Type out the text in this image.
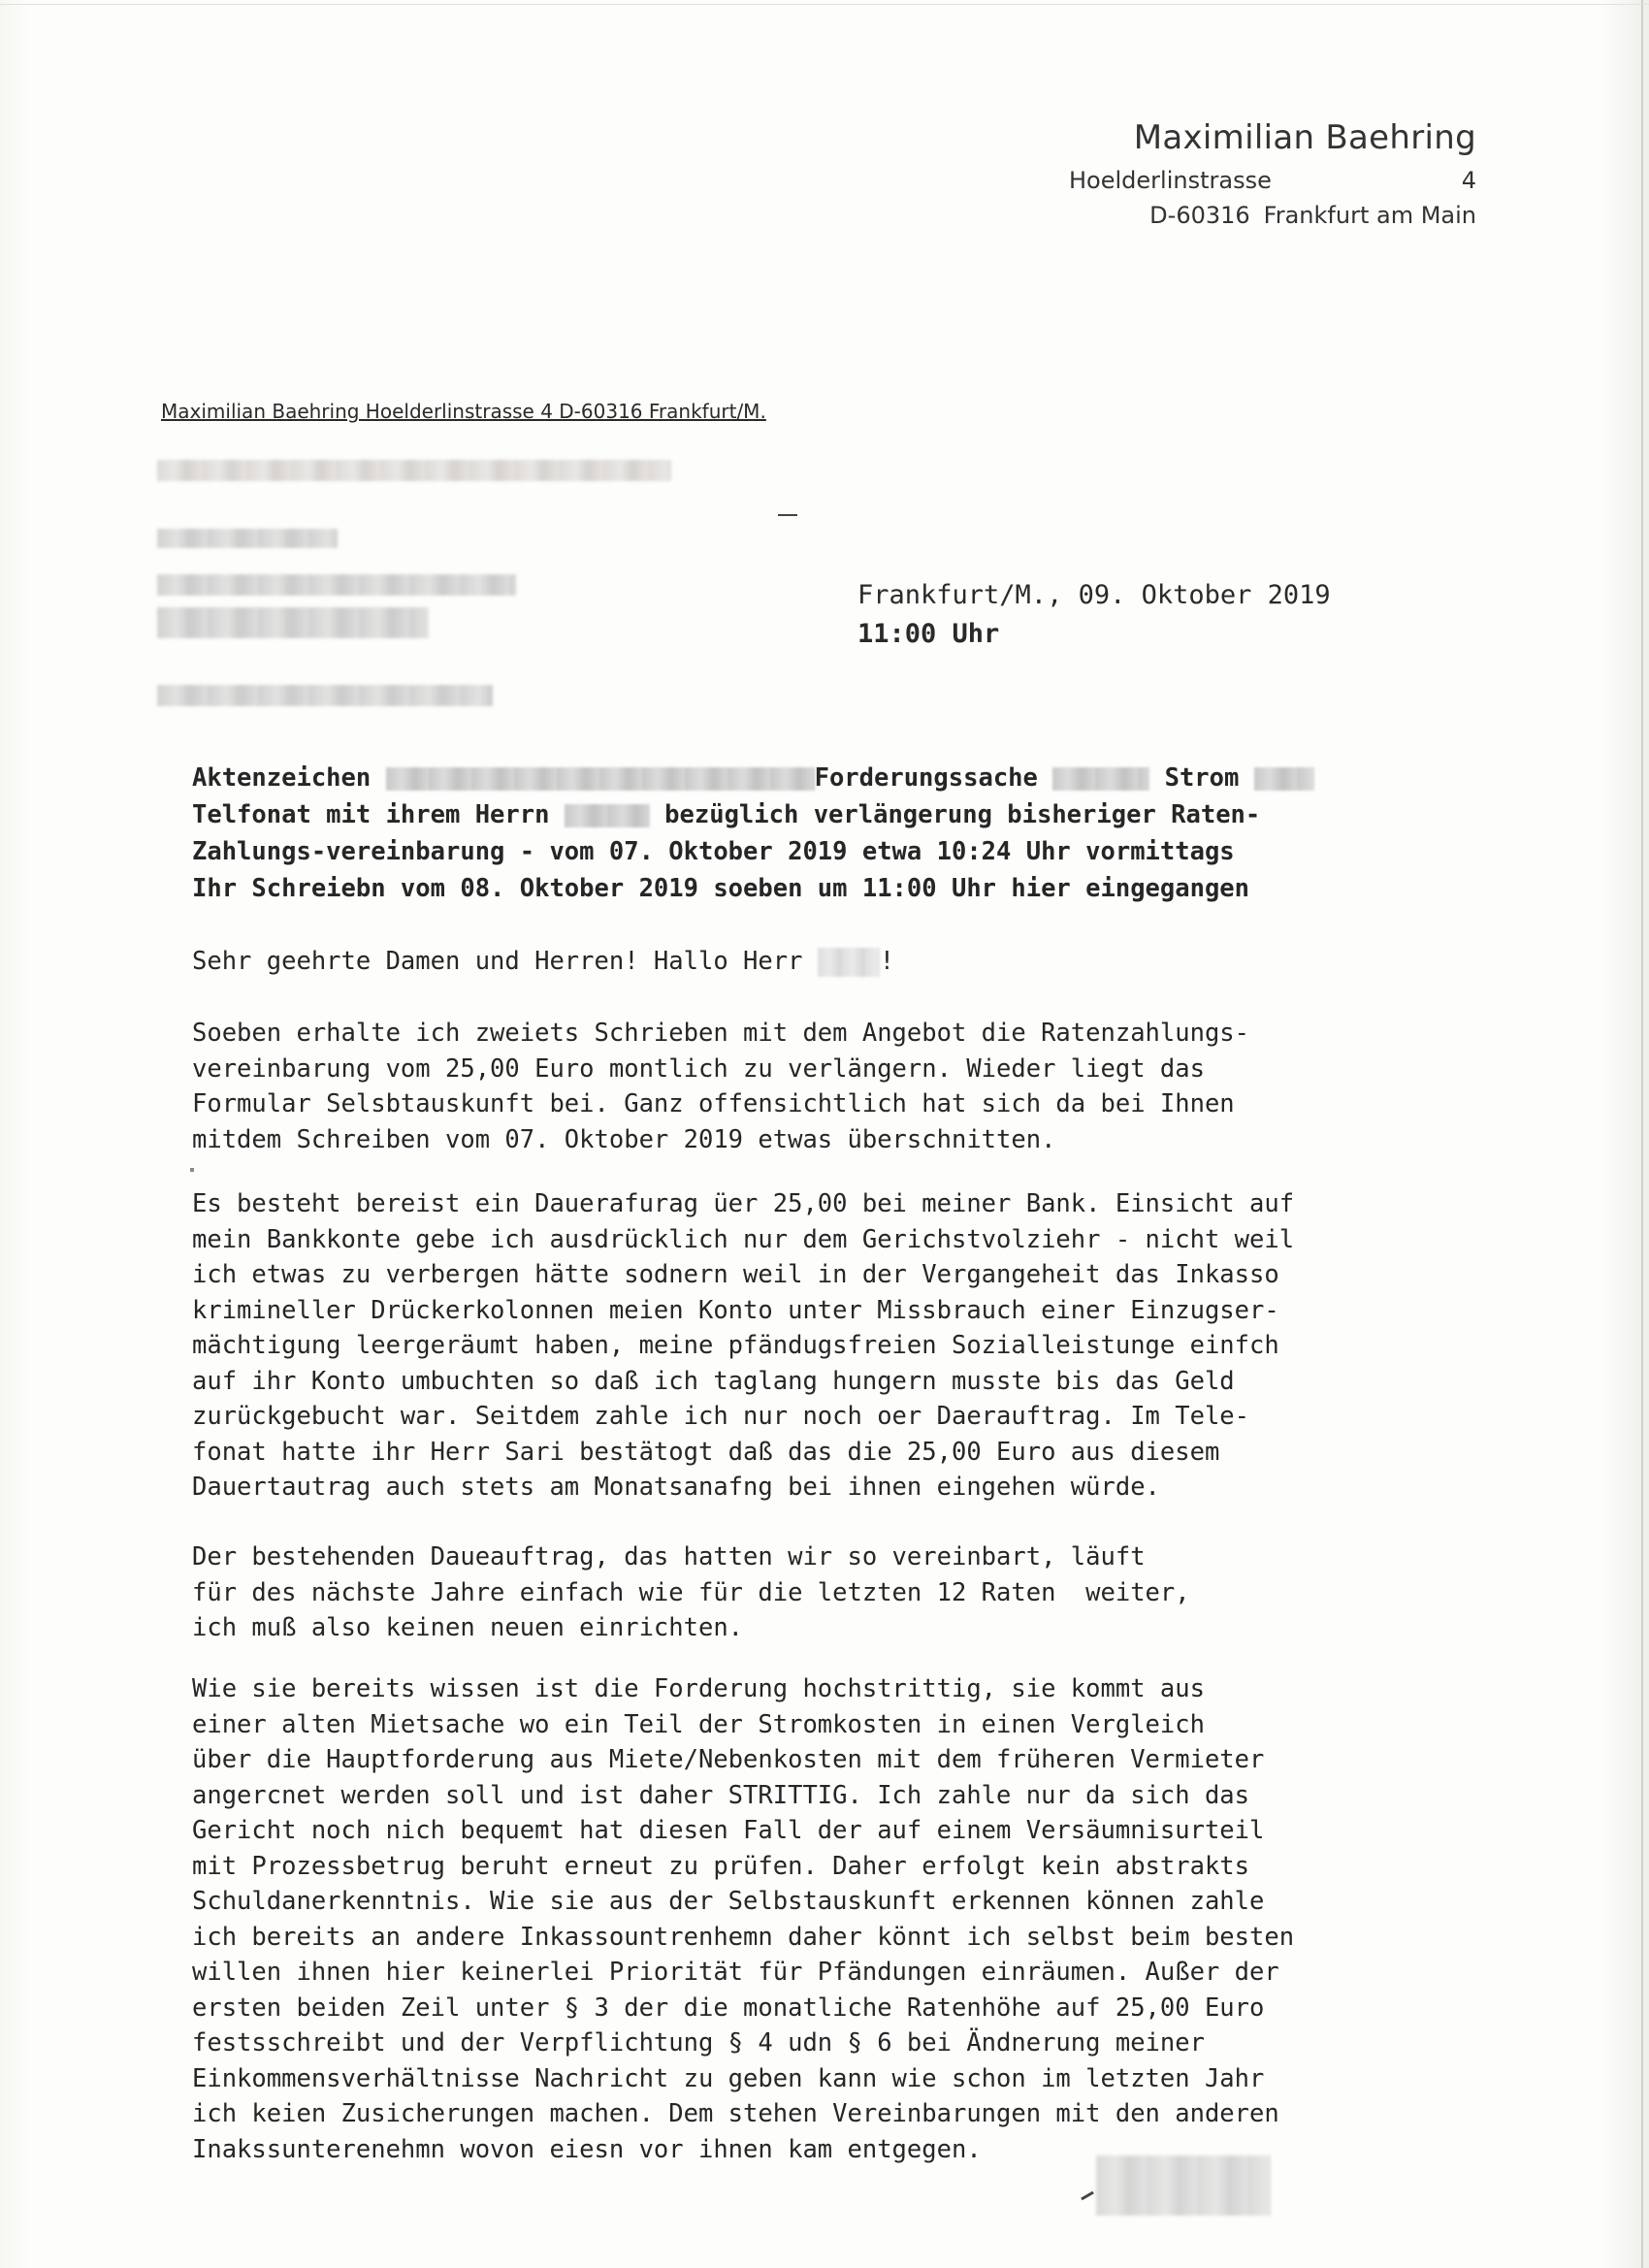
Maximilian Baehring
Hoelderlinstrasse	4
D-60316 Frankfurt am Main
Maximilian Baehring Hoelderlinstrasse 4 D-60316 Frankfurt/M.
Frankfurt/M., 09. Oktober 2019
11:00 Uhr
Aktenzeichen	Forderungssache	Strom
Telfonat mit ihrem Herrn	bezüglich verlängerung bisheriger Raten-
Zahlungs-vereinbarung - vom 07. Oktober 2019 etwa 10:24 Uhr vormittags
Ihr Schreiebn vom 08. Oktober 2019 soeben um 11:00 Uhr hier eingegangen
Sehr geehrte Damen und Herren! Hallo Herr	!
Soeben erhalte ich zweiets Schrieben mit dem Angebot die Ratenzahlungs-
vereinbarung vom 25,00 Euro montlich zu verlängern. Wieder liegt das
Formular Selsbtauskunft bei. Ganz offensichtlich hat sich da bei Ihnen
mitdem Schreiben vom 07. Oktober 2019 etwas überschnitten.
Es besteht bereist ein Dauerafurag üer 25,00 bei meiner Bank. Einsicht auf
mein Bankkonte gebe ich ausdrücklich nur dem Gerichstvolziehr - nicht weil
ich etwas zu verbergen hätte sodnern weil in der Vergangeheit das Inkasso
krimineller Drückerkolonnen meien Konto unter Missbrauch einer Einzugser-
mächtigung leergeräumt haben, meine pfändugsfreien Sozialleistunge einfch
auf ihr Konto umbuchten so daß ich taglang hungern musste bis das Geld
zurückgebucht war. Seitdem zahle ich nur noch oer Daerauftrag. Im Tele-
fonat hatte ihr Herr Sari bestätogt daß das die 25,00 Euro aus diesem
Dauertautrag auch stets am Monatsanafng bei ihnen eingehen würde.
Der bestehenden Daueauftrag, das hatten wir so vereinbart, läuft
für des nächste Jahre einfach wie für die letzten 12 Raten  weiter,
ich muß also keinen neuen einrichten.
Wie sie bereits wissen ist die Forderung hochstrittig, sie kommt aus
einer alten Mietsache wo ein Teil der Stromkosten in einen Vergleich
über die Hauptforderung aus Miete/Nebenkosten mit dem früheren Vermieter
angercnet werden soll und ist daher STRITTIG. Ich zahle nur da sich das
Gericht noch nich bequemt hat diesen Fall der auf einem Versäumnisurteil
mit Prozessbetrug beruht erneut zu prüfen. Daher erfolgt kein abstrakts
Schuldanerkenntnis. Wie sie aus der Selbstauskunft erkennen können zahle
ich bereits an andere Inkassountrenhemn daher könnt ich selbst beim besten
willen ihnen hier keinerlei Priorität für Pfändungen einräumen. Außer der
ersten beiden Zeil unter § 3 der die monatliche Ratenhöhe auf 25,00 Euro
festsschreibt und der Verpflichtung § 4 udn § 6 bei Ändnerung meiner
Einkommensverhältnisse Nachricht zu geben kann wie schon im letzten Jahr
ich keien Zusicherungen machen. Dem stehen Vereinbarungen mit den anderen
Inakssunterenehmn wovon eiesn vor ihnen kam entgegen.
